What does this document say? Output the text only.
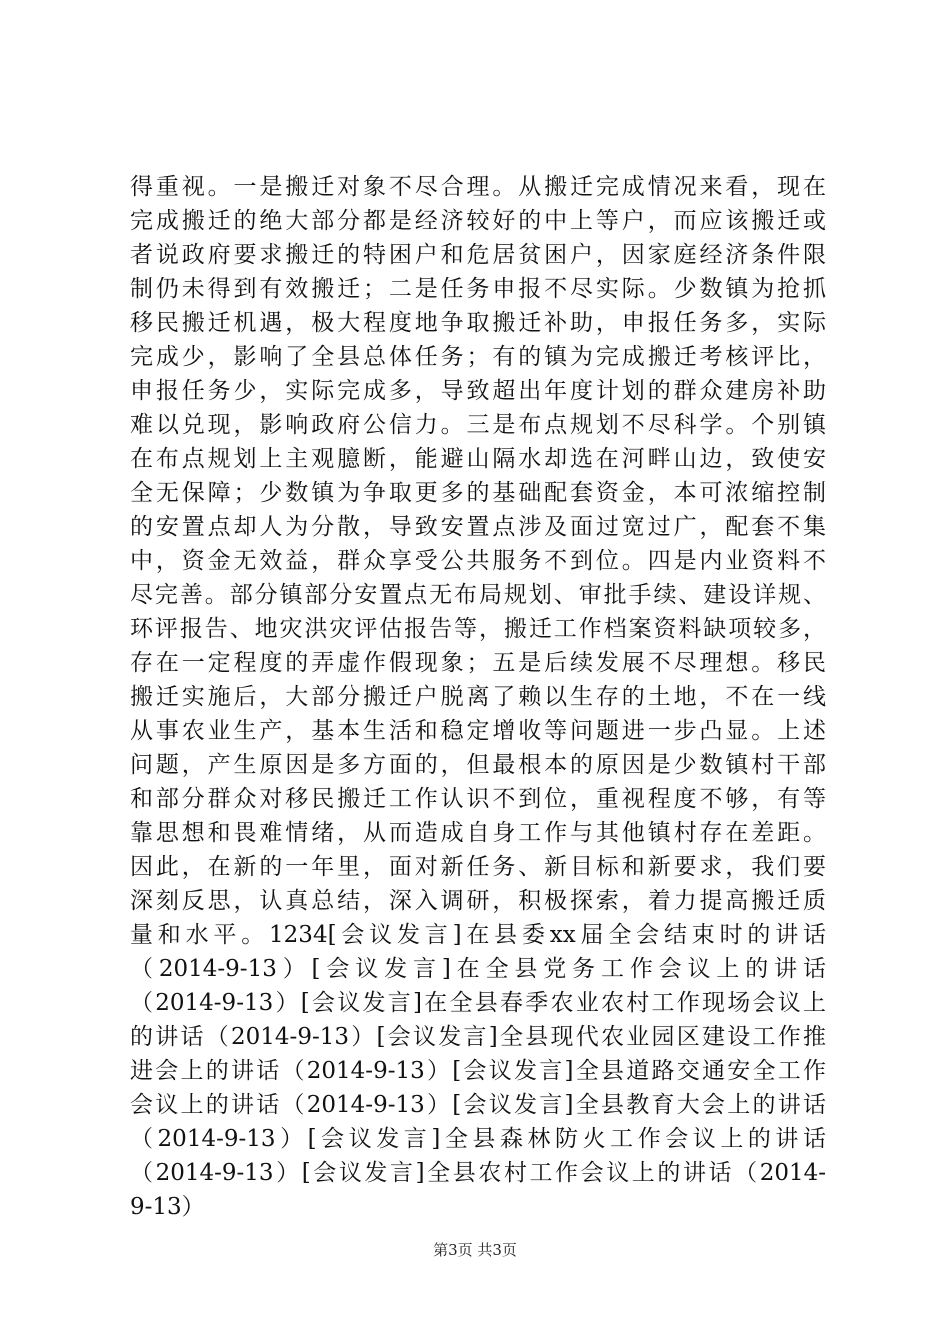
得重视。一是搬迁对象不尽合理。从搬迁完成情况来看，现在
完成搬迁的绝大部分都是经济较好的中上等户，而应该搬迁或
者说政府要求搬迁的特困户和危居贫困户，因家庭经济条件限
制仍未得到有效搬迁；二是任务申报不尽实际。少数镇为抢抓
移民搬迁机遇，极大程度地争取搬迁补助，申报任务多，实际
完成少，影响了全县总体任务；有的镇为完成搬迁考核评比，
申报任务少，实际完成多，导致超出年度计划的群众建房补助
难以兑现，影响政府公信力。三是布点规划不尽科学。个别镇
在布点规划上主观臆断，能避山隔水却选在河畔山边，致使安
全无保障；少数镇为争取更多的基础配套资金，本可浓缩控制
的安置点却人为分散，导致安置点涉及面过宽过广，配套不集
中，资金无效益，群众享受公共服务不到位。四是内业资料不
尽完善。部分镇部分安置点无布局规划、审批手续、建设详规、
环评报告、地灾洪灾评估报告等，搬迁工作档案资料缺项较多，
存在一定程度的弄虚作假现象；五是后续发展不尽理想。移民
搬迁实施后，大部分搬迁户脱离了赖以生存的土地，不在一线
从事农业生产，基本生活和稳定增收等问题进一步凸显。上述
问题，产生原因是多方面的，但最根本的原因是少数镇村干部
和部分群众对移民搬迁工作认识不到位，重视程度不够，有等
靠思想和畏难情绪，从而造成自身工作与其他镇村存在差距。
因此，在新的一年里，面对新任务、新目标和新要求，我们要
深刻反思，认真总结，深入调研，积极探索，着力提高搬迁质
量和水平。1234[会议发言]在县委xx届全会结束时的讲话
（2014-9-13）[会议发言]在全县党务工作会议上的讲话
（2014-9-13）[会议发言]在全县春季农业农村工作现场会议上
的讲话（2014-9-13）[会议发言]全县现代农业园区建设工作推
进会上的讲话（2014-9-13）[会议发言]全县道路交通安全工作
会议上的讲话（2014-9-13）[会议发言]全县教育大会上的讲话
（2014-9-13）[会议发言]全县森林防火工作会议上的讲话
（2014-9-13）[会议发言]全县农村工作会议上的讲话（2014-
9-13）
第3页 共3页
